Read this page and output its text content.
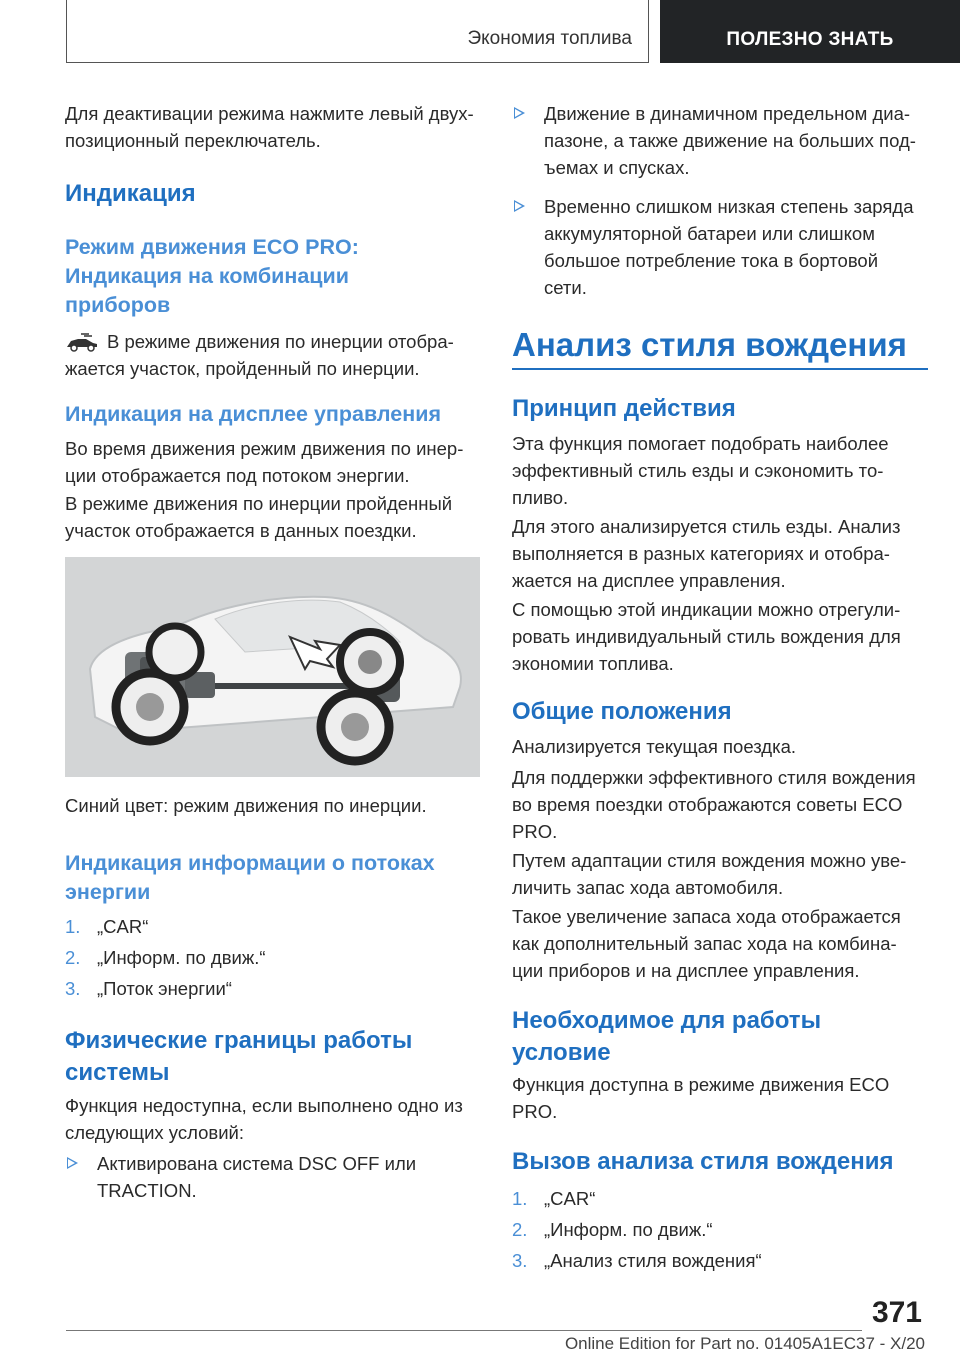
Экономия топлива	ПОЛЕЗНО ЗНАТЬ

Для деактивации режима нажмите левый двух-

позиционный переключатель.

Индикация
Режим движения ECO PRO:
Индикация на комбинации
приборов

В режиме движения по инерции отобра-

жается участок, пройденный по инерции.

Индикация на дисплее управления

Во время движения режим движения по инер-

ции отображается под потоком энергии.

В режиме движения по инерции пройденный

участок отображается в данных поездки.

Синий цвет: режим движения по инерции.

Индикация информации о потоках
энергии
1. „CAR“
2. „Информ. по движ.“
3. „Поток энергии“
Физические границы работы
системы

Функция недоступна, если выполнено одно из

следующих условий:

Активирована система DSC OFF или
TRACTION.
Движение в динамичном предельном диа-
пазоне, а также движение на больших под-
ъемах и спусках.
Временно слишком низкая степень заряда
аккумуляторной батареи или слишком
большое потребление тока в бортовой
сети.
Анализ стиля вождения
Принцип действия

Эта функция помогает подобрать наиболее

эффективный стиль езды и сэкономить то-

пливо.

Для этого анализируется стиль езды. Анализ

выполняется в разных категориях и отобра-

жается на дисплее управления.

С помощью этой индикации можно отрегули-

ровать индивидуальный стиль вождения для

экономии топлива.

Общие положения

Анализируется текущая поездка.

Для поддержки эффективного стиля вождения

во время поездки отображаются советы ECO

PRO.

Путем адаптации стиля вождения можно уве-

личить запас хода автомобиля.

Такое увеличение запаса хода отображается

как дополнительный запас хода на комбина-

ции приборов и на дисплее управления.

Необходимое для работы
условие

Функция доступна в режиме движения ECO

PRO.

Вызов анализа стиля вождения
1. „CAR“
2. „Информ. по движ.“
3. „Анализ стиля вождения“
371
Online Edition for Part no. 01405A1EC37 - X/20
